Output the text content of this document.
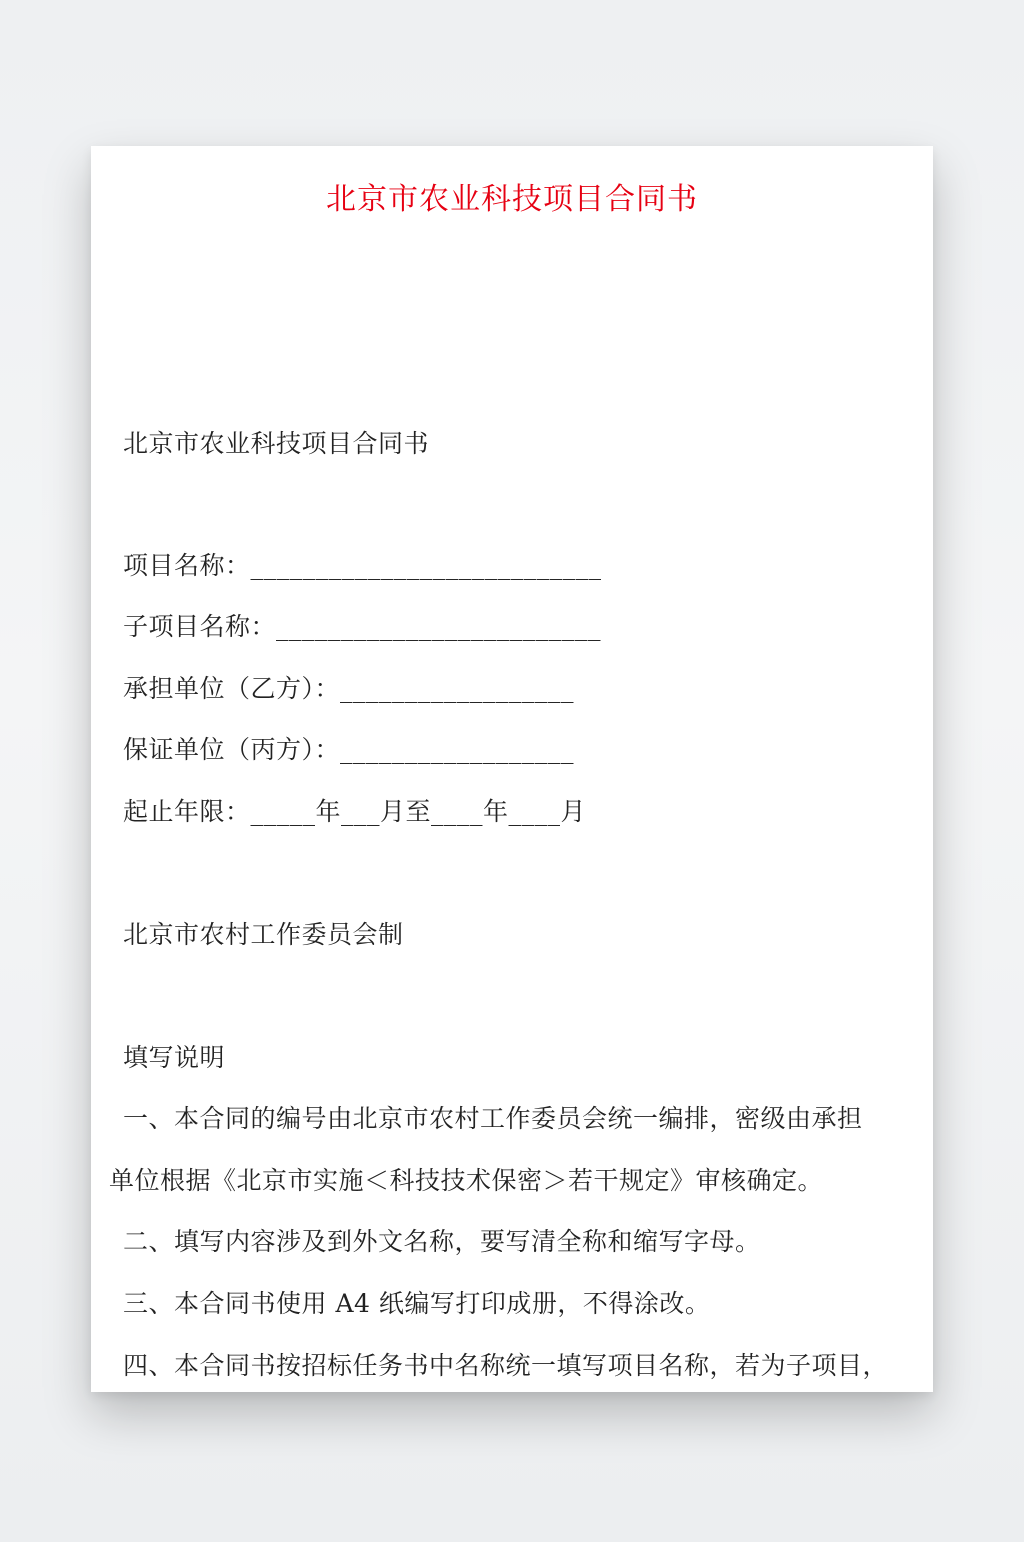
北京市农业科技项目合同书
北京市农业科技项目合同书
项目名称：___________________________
子项目名称：_________________________
承担单位（乙方）：__________________
保证单位（丙方）：__________________
起止年限：_____年___月至____年____月
北京市农村工作委员会制
填写说明
一、本合同的编号由北京市农村工作委员会统一编排，密级由承担
单位根据《北京市实施＜科技技术保密＞若干规定》审核确定。
二、填写内容涉及到外文名称，要写清全称和缩写字母。
三、本合同书使用 A4 纸编写打印成册，不得涂改。
四、本合同书按招标任务书中名称统一填写项目名称，若为子项目，
